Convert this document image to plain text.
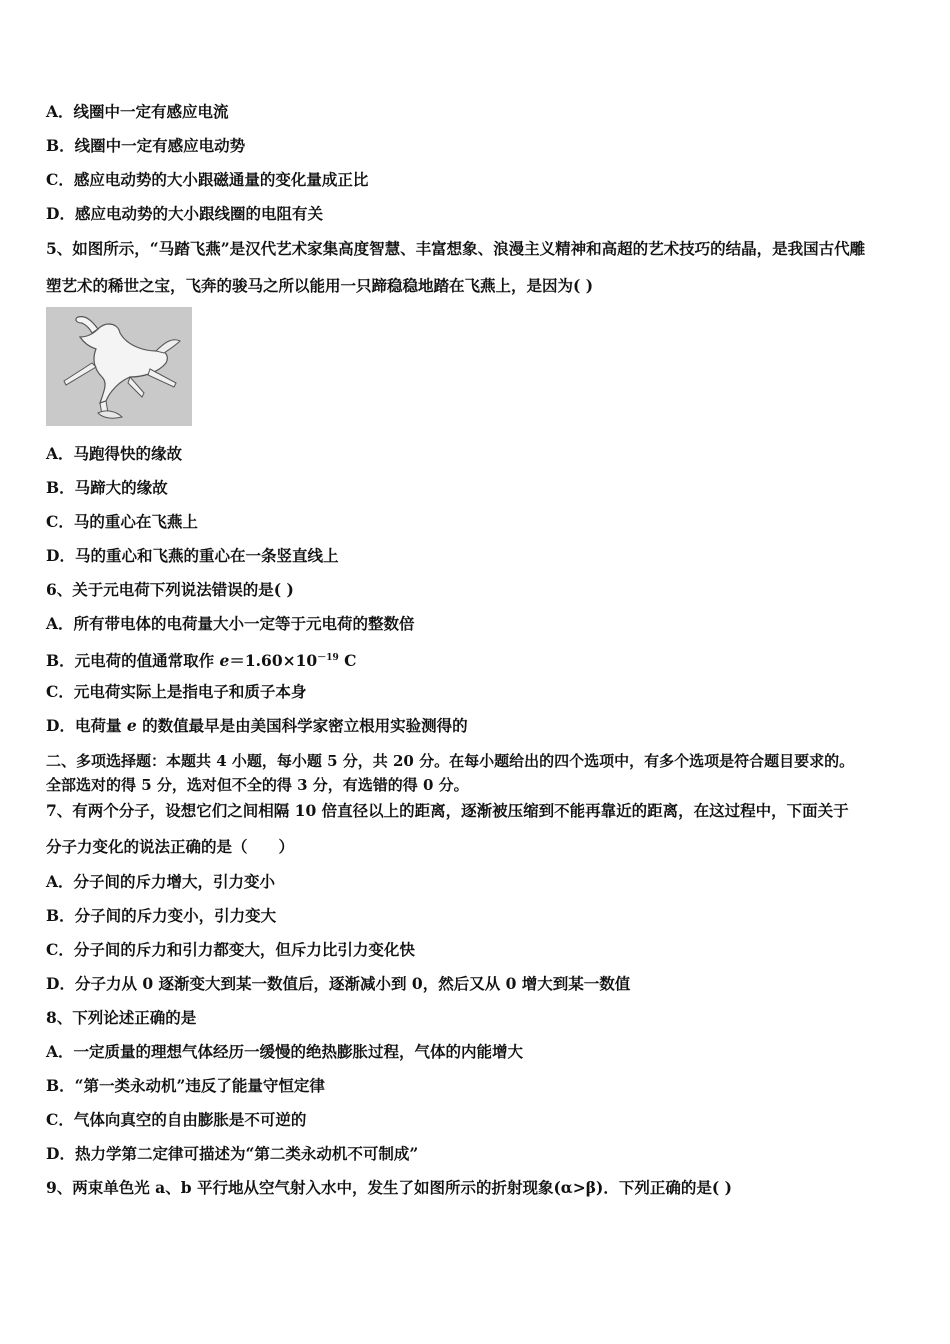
A．线圈中一定有感应电流
B．线圈中一定有感应电动势
C．感应电动势的大小跟磁通量的变化量成正比
D．感应电动势的大小跟线圈的电阻有关
5、如图所示，“马踏飞燕”是汉代艺术家集高度智慧、丰富想象、浪漫主义精神和高超的艺术技巧的结晶，是我国古代雕
塑艺术的稀世之宝，飞奔的骏马之所以能用一只蹄稳稳地踏在飞燕上，是因为( )
A．马跑得快的缘故
B．马蹄大的缘故
C．马的重心在飞燕上
D．马的重心和飞燕的重心在一条竖直线上
6、关于元电荷下列说法错误的是( )
A．所有带电体的电荷量大小一定等于元电荷的整数倍
B．元电荷的值通常取作 $e=1.60\times 10^{-19}$ C
C．元电荷实际上是指电子和质子本身
D．电荷量 e 的数值最早是由美国科学家密立根用实验测得的
二、多项选择题：本题共 4 小题，每小题 5 分，共 20 分。在每小题给出的四个选项中，有多个选项是符合题目要求的。
全部选对的得 5 分，选对但不全的得 3 分，有选错的得 0 分。
7、有两个分子，设想它们之间相隔 10 倍直径以上的距离，逐渐被压缩到不能再靠近的距离，在这过程中，下面关于
分子力变化的说法正确的是（　　）
A．分子间的斥力增大，引力变小
B．分子间的斥力变小，引力变大
C．分子间的斥力和引力都变大，但斥力比引力变化快
D．分子力从 0 逐渐变大到某一数值后，逐渐减小到 0，然后又从 0 增大到某一数值
8、下列论述正确的是
A．一定质量的理想气体经历一缓慢的绝热膨胀过程，气体的内能增大
B．“第一类永动机”违反了能量守恒定律
C．气体向真空的自由膨胀是不可逆的
D．热力学第二定律可描述为“第二类永动机不可制成”
9、两束单色光 a、b 平行地从空气射入水中，发生了如图所示的折射现象(α>β)．下列正确的是( )
